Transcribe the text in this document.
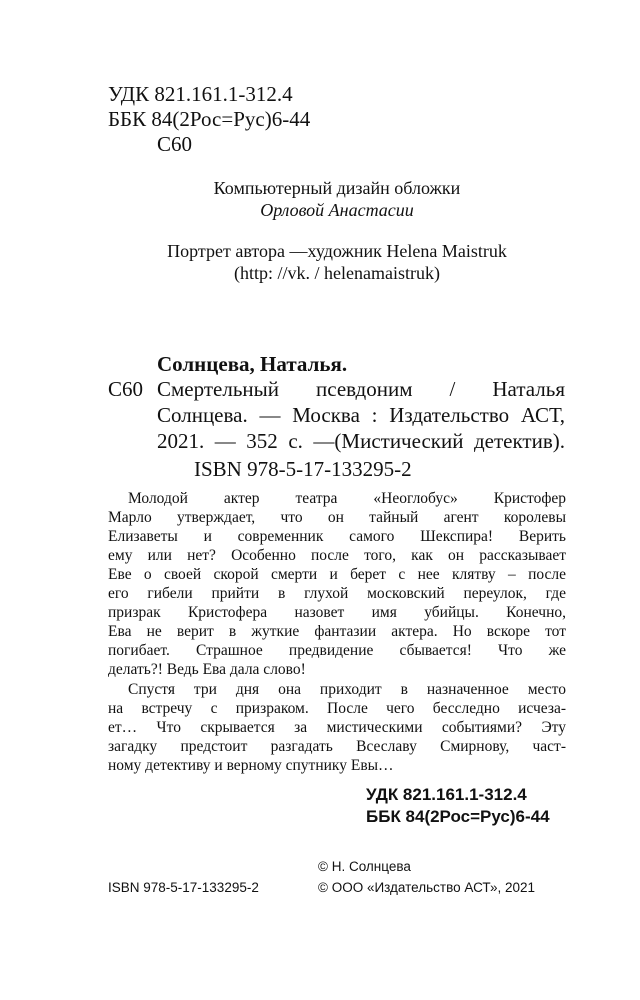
УДК 821.161.1-312.4
ББК 84(2Рос=Рус)6-44
С60
Компьютерный дизайн обложки
Орловой Анастасии
Портрет автора —художник Helena Maistruk
(http: //vk. / helenamaistruk)
Солнцева, Наталья.
С60 Смертельный псевдоним / Наталья
Солнцева. — Москва : Издательство АСТ,
2021. — 352 с. —(Мистический детектив).
ISBN 978-5-17-133295-2
Молодой актер театра «Неоглобус» Кристофер
Марло утверждает, что он тайный агент королевы
Елизаветы и современник самого Шекспира! Верить
ему или нет? Особенно после того, как он рассказывает
Еве о своей скорой смерти и берет с нее клятву – после
его гибели прийти в глухой московский переулок, где
призрак Кристофера назовет имя убийцы. Конечно,
Ева не верит в жуткие фантазии актера. Но вскоре тот
погибает. Страшное предвидение сбывается! Что же
делать?! Ведь Ева дала слово!
Спустя три дня она приходит в назначенное место
на встречу с призраком. После чего бесследно исчеза-
ет… Что скрывается за мистическими событиями? Эту
загадку предстоит разгадать Всеславу Смирнову, част-
ному детективу и верному спутнику Евы…
УДК 821.161.1-312.4
ББК 84(2Рос=Рус)6-44
© Н. Солнцева
ISBN 978-5-17-133295-2	© ООО «Издательство АСТ», 2021
